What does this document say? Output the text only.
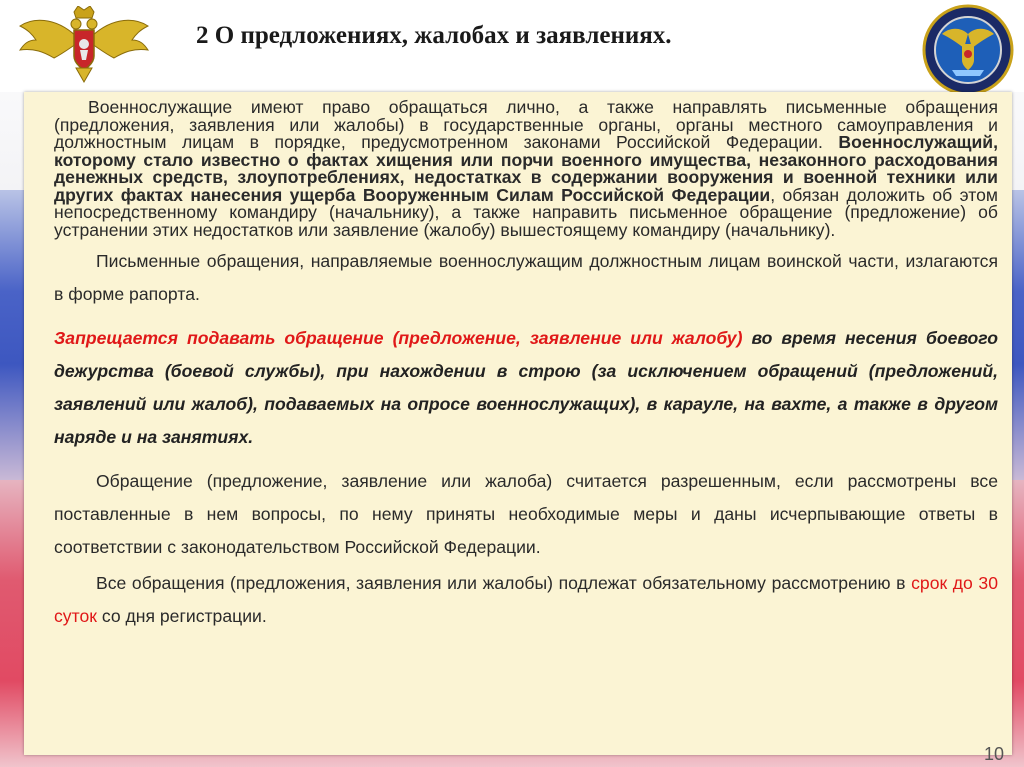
2 О предложениях, жалобах и заявлениях.

Военнослужащие имеют право обращаться лично, а также направлять письменные обращения (предложения, заявления или жалобы) в государственные органы, органы местного самоуправления и должностным лицам в порядке, предусмотренном законами Российской Федерации. Военнослужащий, которому стало известно о фактах хищения или порчи военного имущества, незаконного расходования денежных средств, злоупотреблениях, недостатках в содержании вооружения и военной техники или других фактах нанесения ущерба Вооруженным Силам Российской Федерации, обязан доложить об этом непосредственному командиру (начальнику), а также направить письменное обращение (предложение) об устранении этих недостатков или заявление (жалобу) вышестоящему командиру (начальнику).

Письменные обращения, направляемые военнослужащим должностным лицам воинской части, излагаются в форме рапорта.

Запрещается подавать обращение (предложение, заявление или жалобу) во время несения боевого дежурства (боевой службы), при нахождении в строю (за исключением обращений (предложений, заявлений или жалоб), подаваемых на опросе военнослужащих), в карауле, на вахте, а также в другом наряде и на занятиях.

Обращение (предложение, заявление или жалоба) считается разрешенным, если рассмотрены все поставленные в нем вопросы, по нему приняты необходимые меры и даны исчерпывающие ответы в соответствии с законодательством Российской Федерации.

Все обращения (предложения, заявления или жалобы) подлежат обязательному рассмотрению в срок до 30 суток со дня регистрации.

10
